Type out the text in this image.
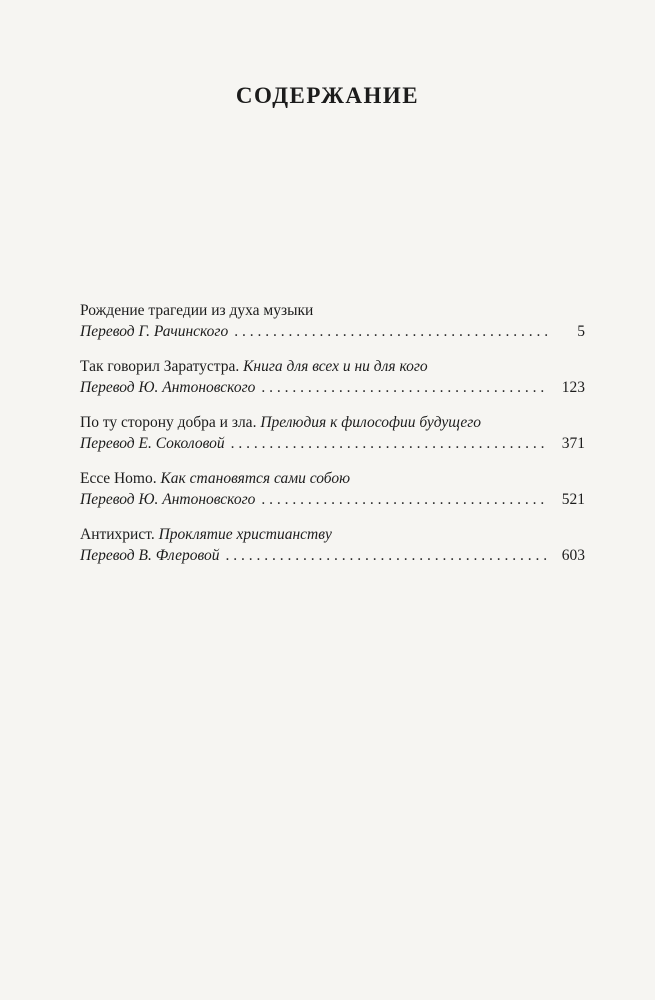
СОДЕРЖАНИЕ
Рождение трагедии из духа музыки
Перевод Г. Рачинского . . .	5
Так говорил Заратустра. Книга для всех и ни для кого
Перевод Ю. Антоновского . . .	123
По ту сторону добра и зла. Прелюдия к философии будущего
Перевод Е. Соколовой . . .	371
Ecce Homo. Как становятся сами собою
Перевод Ю. Антоновского . . .	521
Антихрист. Проклятие христианству
Перевод В. Флеровой . . .	603
